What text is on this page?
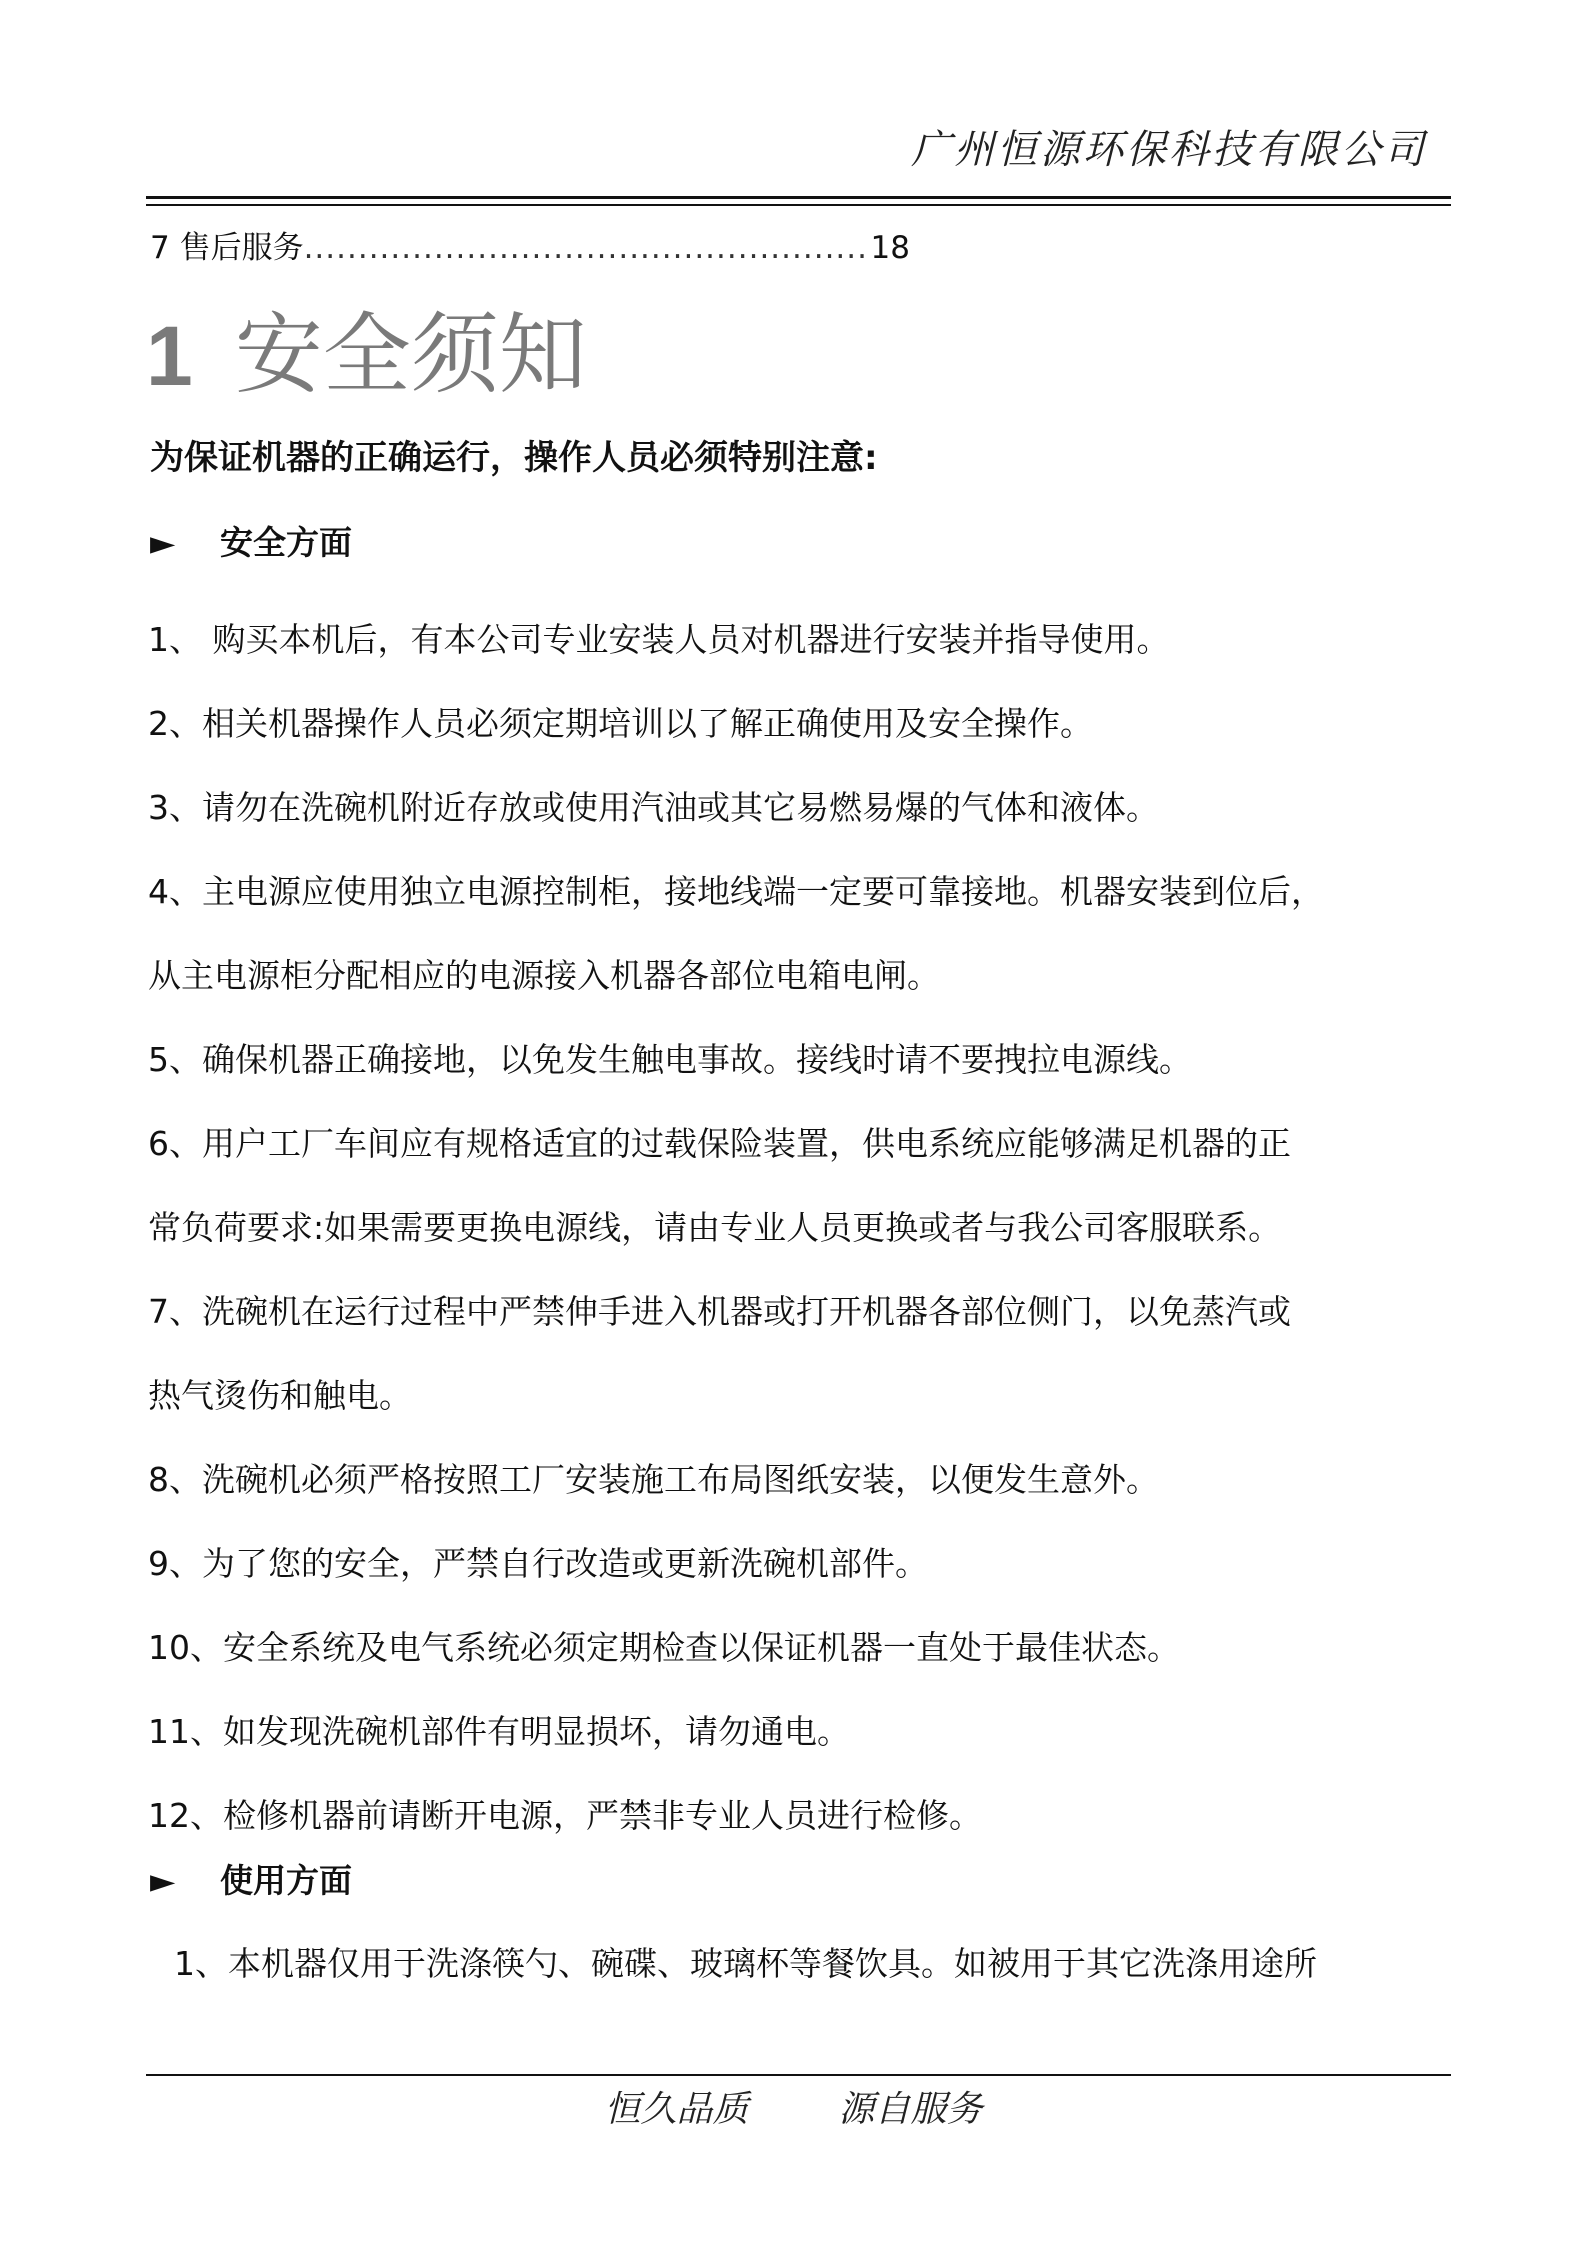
广州恒源环保科技有限公司
7 售后服务
.....	18
1 安全须知
为保证机器的正确运行，操作人员必须特别注意:
►	安全方面

1、 购买本机后，有本公司专业安装人员对机器进行安装并指导使用。

2、相关机器操作人员必须定期培训以了解正确使用及安全操作。

3、请勿在洗碗机附近存放或使用汽油或其它易燃易爆的气体和液体。

4、主电源应使用独立电源控制柜，接地线端一定要可靠接地。机器安装到位后，

从主电源柜分配相应的电源接入机器各部位电箱电闸。

5、确保机器正确接地，以免发生触电事故。接线时请不要拽拉电源线。

6、用户工厂车间应有规格适宜的过载保险装置，供电系统应能够满足机器的正

常负荷要求:如果需要更换电源线，请由专业人员更换或者与我公司客服联系。

7、洗碗机在运行过程中严禁伸手进入机器或打开机器各部位侧门，以免蒸汽或

热气烫伤和触电。

8、洗碗机必须严格按照工厂安装施工布局图纸安装，以便发生意外。

9、为了您的安全，严禁自行改造或更新洗碗机部件。

10、安全系统及电气系统必须定期检查以保证机器一直处于最佳状态。

11、如发现洗碗机部件有明显损坏，请勿通电。

12、检修机器前请断开电源，严禁非专业人员进行检修。

►	使用方面
1、本机器仅用于洗涤筷勺、碗碟、玻璃杯等餐饮具。如被用于其它洗涤用途所
恒久品质	源自服务
